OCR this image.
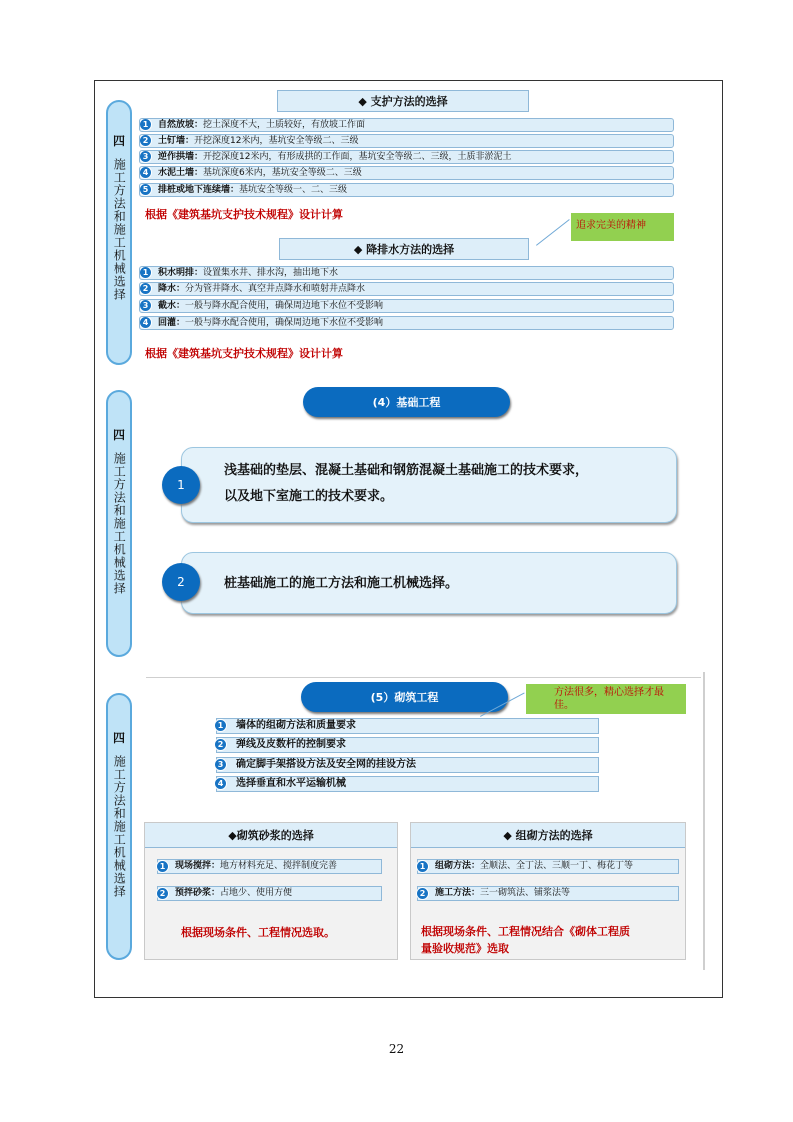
四
施工方法和施工机械选择
四
施工方法和施工机械选择
四
施工方法和施工机械选择
◆ 支护方法的选择
1	自然放坡：挖土深度不大，土质较好，有放坡工作面
2	土钉墙：开挖深度12米内，基坑安全等级二、三级
3	逆作拱墙：开挖深度12米内，有形成拱的工作面，基坑安全等级二、三级，土质非淤泥土
4	水泥土墙：基坑深度6米内，基坑安全等级二、三级
5	排桩或地下连续墙：基坑安全等级一、二、三级
根据《建筑基坑支护技术规程》设计计算
追求完美的精神
◆ 降排水方法的选择
1	积水明排：设置集水井、排水沟，抽出地下水
2	降水：分为管井降水、真空井点降水和喷射井点降水
3	截水：一般与降水配合使用，确保周边地下水位不受影响
4	回灌：一般与降水配合使用，确保周边地下水位不受影响
根据《建筑基坑支护技术规程》设计计算
(4）基础工程
浅基础的垫层、混凝土基础和钢筋混凝土基础施工的技术要求，
以及地下室施工的技术要求。
1
桩基础施工的施工方法和施工机械选择。
2
(5）砌筑工程	方法很多，精心选择才最佳。
1	墙体的组砌方法和质量要求
2	弹线及皮数杆的控制要求
3	确定脚手架搭设方法及安全网的挂设方法
4	选择垂直和水平运输机械
◆砌筑砂浆的选择
1	现场搅拌：地方材料充足、搅拌制度完善
2	预拌砂浆：占地少、使用方便
根据现场条件、工程情况选取。
◆ 组砌方法的选择
1	组砌方法：全顺法、全丁法、三顺一丁、梅花丁等
2	施工方法：三一砌筑法、铺浆法等
根据现场条件、工程情况结合《砌体工程质
量验收规范》选取
22
